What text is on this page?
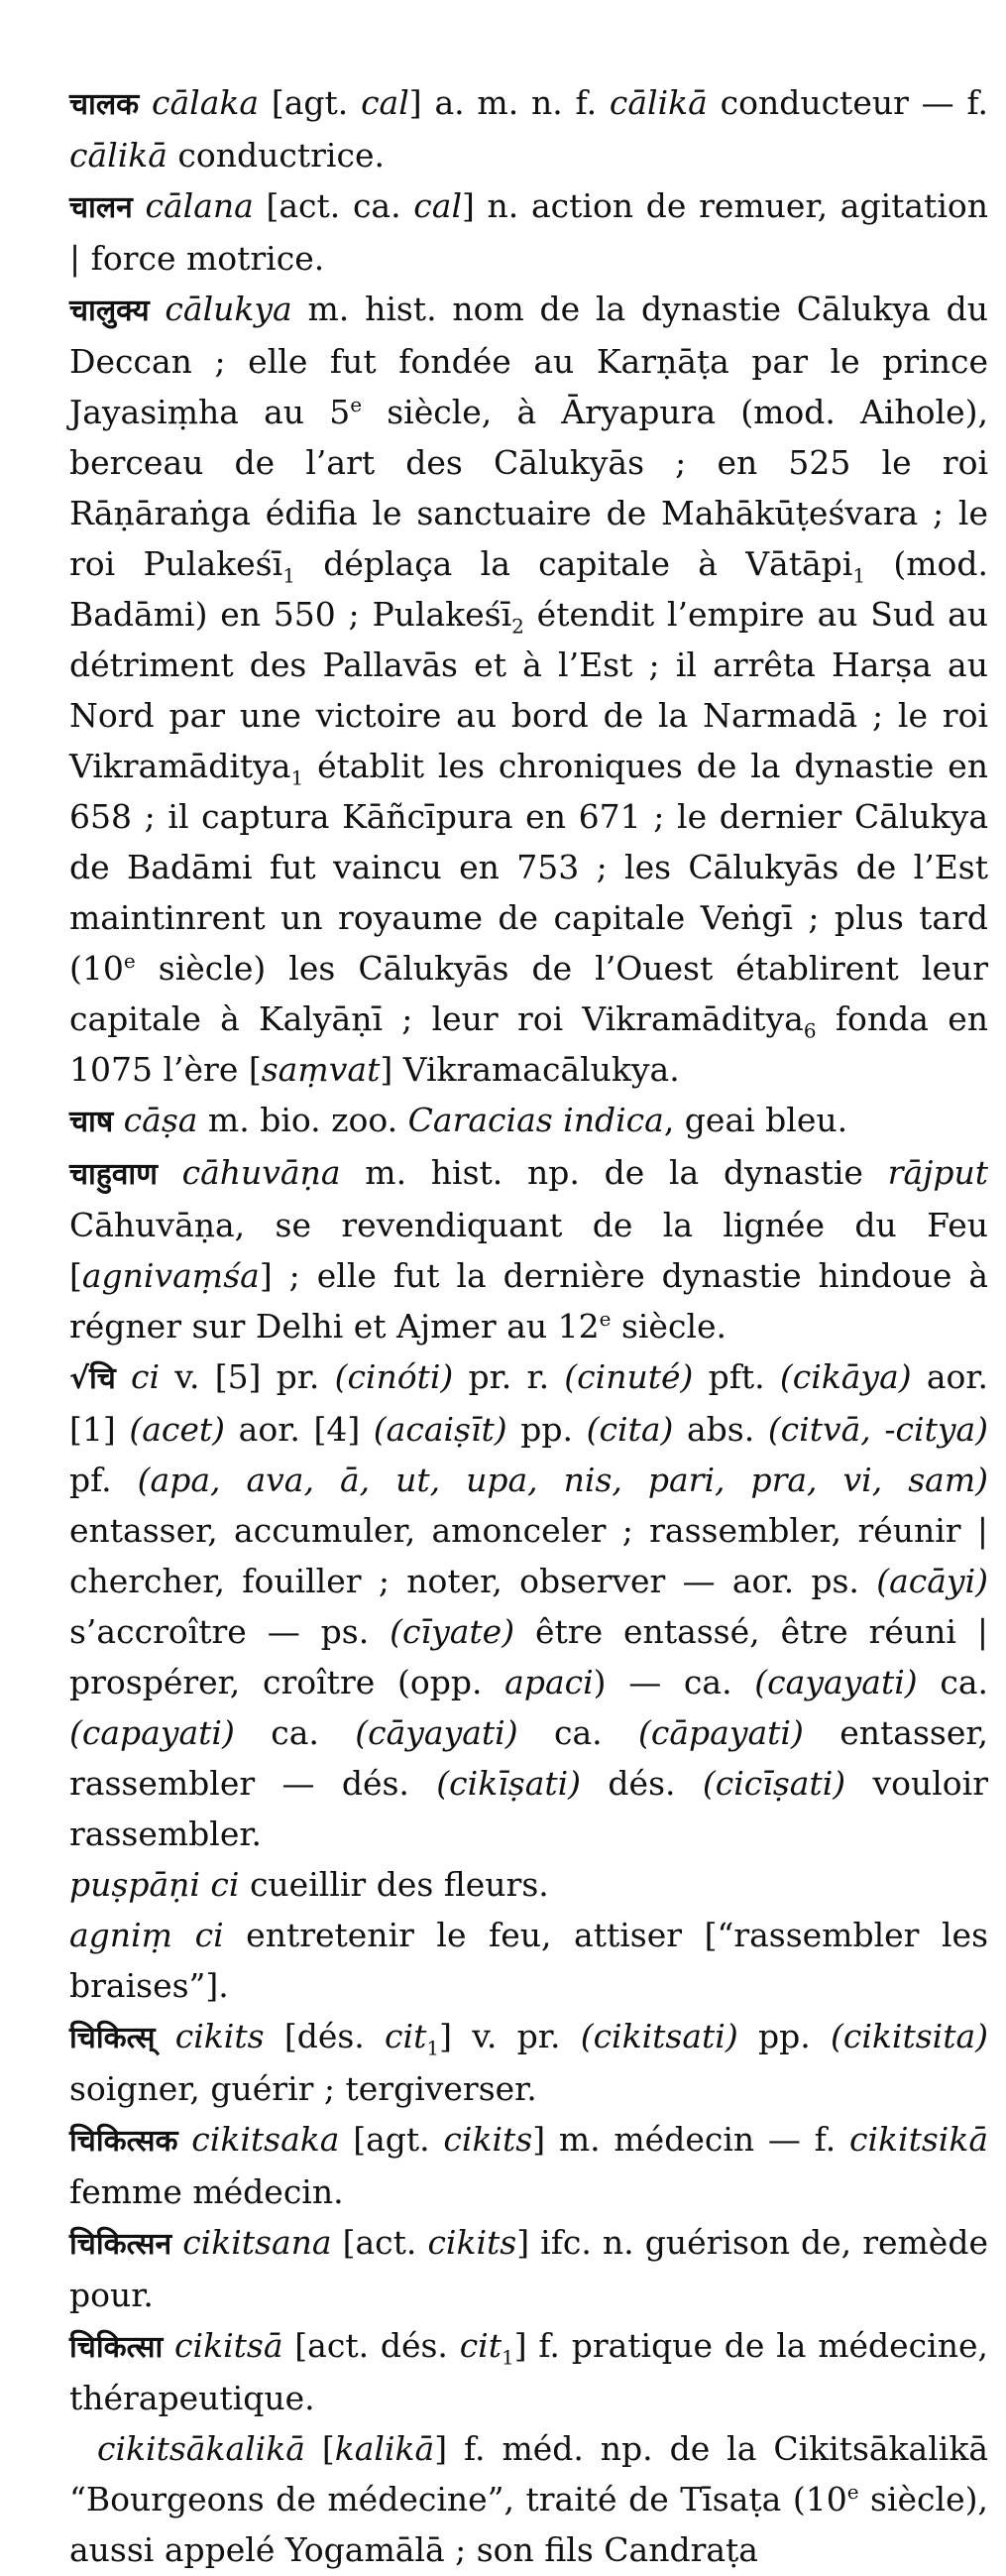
चालक cālaka [agt. cal] a. m. n. f. cālikā conducteur — f. cālikā conductrice.
चालन cālana [act. ca. cal] n. action de remuer, agitation | force motrice.
चालुक्य cālukya m. hist. nom de la dynastie Cālukya du Deccan ; elle fut fondée au Karṇāṭa par le prince Jayasiṃha au 5e siècle, à Āryapura (mod. Aihole), berceau de l’art des Cālukyās ; en 525 le roi Rāṇāraṅga édifia le sanctuaire de Mahākūṭeśvara ; le roi Pulakeśī$_1$ déplaça la capitale à Vātāpi$_1$ (mod. Badāmi) en 550 ; Pulakeśī$_2$ étendit l’empire au Sud au détriment des Pallavās et à l’Est ; il arrêta Harṣa au Nord par une victoire au bord de la Narmadā ; le roi Vikramāditya$_1$ établit les chroniques de la dynastie en 658 ; il captura Kāñcīpura en 671 ; le dernier Cālukya de Badāmi fut vaincu en 753 ; les Cālukyās de l’Est maintinrent un royaume de capitale Veṅgī ; plus tard (10e siècle) les Cālukyās de l’Ouest établirent leur capitale à Kalyāṇī ; leur roi Vikramāditya$_6$ fonda en 1075 l’ère [saṃvat] Vikramacālukya.
चाष cāṣa m. bio. zoo. Caracias indica, geai bleu.
चाहुवाण cāhuvāṇa m. hist. np. de la dynastie rājput Cāhuvāṇa, se revendiquant de la lignée du Feu [agnivaṃśa] ; elle fut la dernière dynastie hindoue à régner sur Delhi et Ajmer au 12e siècle.
√चि ci v. [5] pr. (cinóti) pr. r. (cinuté) pft. (cikāya) aor. [1] (acet) aor. [4] (acaiṣīt) pp. (cita) abs. (citvā, -citya) pf. (apa, ava, ā, ut, upa, nis, pari, pra, vi, sam) entasser, accumuler, amonceler ; rassembler, réunir | chercher, fouiller ; noter, observer — aor. ps. (acāyi) s’accroître — ps. (cīyate) être entassé, être réuni | prospérer, croître (opp. apaci) — ca. (cayayati) ca. (capayati) ca. (cāyayati) ca. (cāpayati) entasser, rassembler — dés. (cikīṣati) dés. (cicīṣati) vouloir rassembler.
puṣpāṇi ci cueillir des fleurs.
agniṃ ci entretenir le feu, attiser [“rassembler les braises”].
चिकित्स् cikits [dés. cit$_1$] v. pr. (cikitsati) pp. (cikitsita) soigner, guérir ; tergiverser.
चिकित्सक cikitsaka [agt. cikits] m. médecin — f. cikitsikā femme médecin.
चिकित्सन cikitsana [act. cikits] ifc. n. guérison de, remède pour.
चिकित्सा cikitsā [act. dés. cit$_1$] f. pratique de la médecine, thérapeutique.
cikitsākalikā [kalikā] f. méd. np. de la Cikitsākalikā “Bourgeons de médecine”, traité de Tīsaṭa (10e siècle), aussi appelé Yogamālā ; son fils Candraṭa
